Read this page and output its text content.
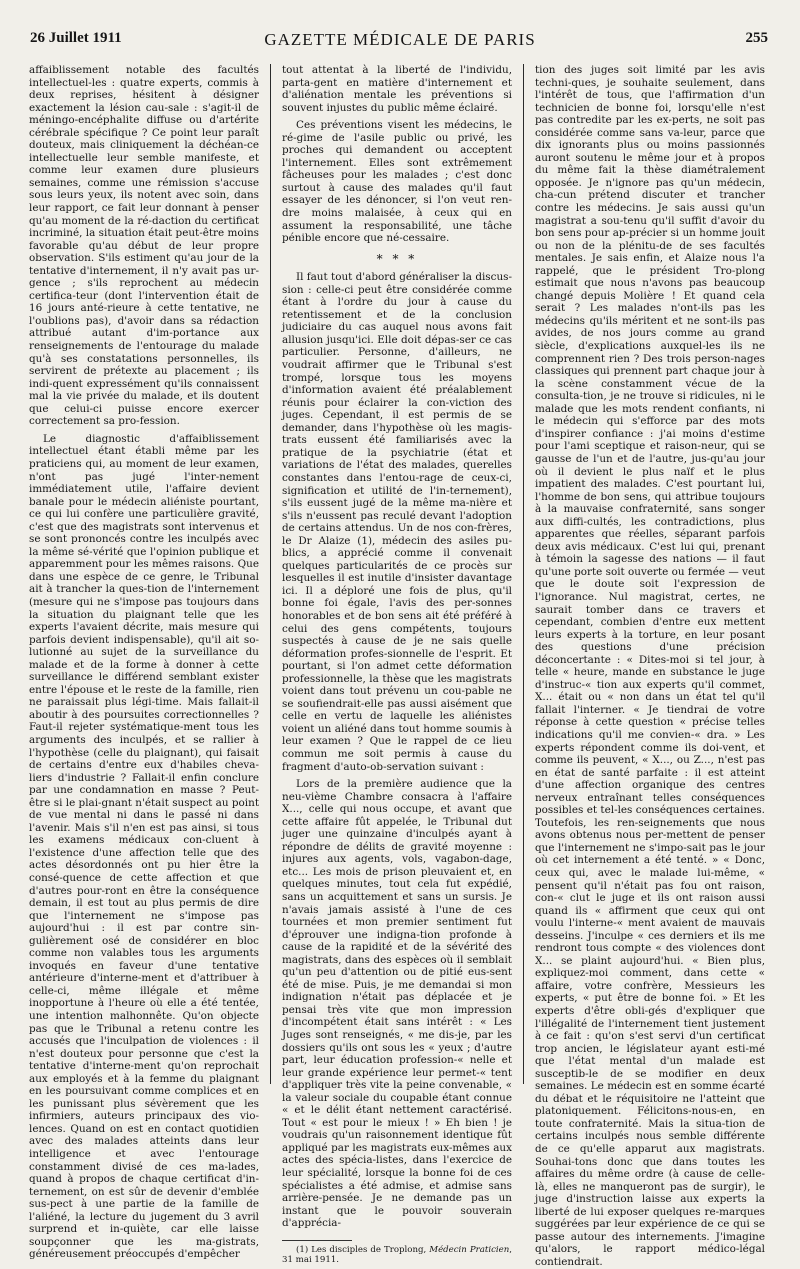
26 Juillet 1911	GAZETTE MÉDICALE DE PARIS	255

affaiblissement notable des facultés intellectuel-les : quatre experts, commis à deux reprises, hésitent à désigner exactement la lésion cau-sale : s'agit-il de méningo-encéphalite diffuse ou d'artérite cérébrale spécifique ? Ce point leur paraît douteux, mais cliniquement la déchéan-ce intellectuelle leur semble manifeste, et comme leur examen dure plusieurs semaines, comme une rémission s'accuse sous leurs yeux, ils notent avec soin, dans leur rapport, ce fait leur donnant à penser qu'au moment de la ré-daction du certificat incriminé, la situation était peut-être moins favorable qu'au début de leur propre observation. S'ils estiment qu'au jour de la tentative d'internement, il n'y avait pas ur-gence ; s'ils reprochent au médecin certifica-teur (dont l'intervention était de 16 jours anté-rieure à cette tentative, ne l'oublions pas), d'avoir dans sa rédaction attribué autant d'im-portance aux renseignements de l'entourage du malade qu'à ses constatations personnelles, ils servirent de prétexte au placement ; ils indi-quent expressément qu'ils connaissent mal la vie privée du malade, et ils doutent que celui-ci puisse encore exercer correctement sa pro-fession.

Le diagnostic d'affaiblissement intellectuel étant établi même par les praticiens qui, au moment de leur examen, n'ont pas jugé l'inter-nement immédiatement utile, l'affaire devient banale pour le médecin aliéniste pourtant, ce qui lui confère une particulière gravité, c'est que des magistrats sont intervenus et se sont prononcés contre les inculpés avec la même sé-vérité que l'opinion publique et apparemment pour les mêmes raisons. Que dans une espèce de ce genre, le Tribunal ait à trancher la ques-tion de l'internement (mesure qui ne s'impose pas toujours dans la situation du plaignant telle que les experts l'avaient décrite, mais mesure qui parfois devient indispensable), qu'il ait so-lutionné au sujet de la surveillance du malade et de la forme à donner à cette surveillance le différend semblant exister entre l'épouse et le reste de la famille, rien ne paraissait plus légi-time. Mais fallait-il aboutir à des poursuites correctionnelles ? Faut-il rejeter systématique-ment tous les arguments des inculpés, et se rallier à l'hypothèse (celle du plaignant), qui faisait de certains d'entre eux d'habiles cheva-liers d'industrie ? Fallait-il enfin conclure par une condamnation en masse ? Peut-être si le plai-gnant n'était suspect au point de vue mental ni dans le passé ni dans l'avenir. Mais s'il n'en est pas ainsi, si tous les examens médicaux con-cluent à l'existence d'une affection telle que des actes désordonnés ont pu hier être la consé-quence de cette affection et que d'autres pour-ront en être la conséquence demain, il est tout au plus permis de dire que l'internement ne s'impose pas aujourd'hui : il est par contre sin-gulièrement osé de considérer en bloc comme non valables tous les arguments invoqués en faveur d'une tentative antérieure d'interne-ment et d'attribuer à celle-ci, même illégale et même inopportune à l'heure où elle a été tentée, une intention malhonnête. Qu'on objecte pas que le Tribunal a retenu contre les accusés que l'inculpation de violences : il n'est douteux pour personne que c'est la tentative d'interne-ment qu'on reprochait aux employés et à la femme du plaignant en les poursuivant comme complices et en les punissant plus sévèrement que les infirmiers, auteurs principaux des vio-lences. Quand on est en contact quotidien avec des malades atteints dans leur intelligence et avec l'entourage constamment divisé de ces ma-lades, quand à propos de chaque certificat d'in-ternement, on est sûr de devenir d'emblée sus-pect à une partie de la famille de l'aliéné, la lecture du jugement du 3 avril surprend et in-quiète, car elle laisse soupçonner que les ma-gistrats, généreusement préoccupés d'empêcher

tout attentat à la liberté de l'individu, parta-gent en matière d'internement et d'aliénation mentale les préventions si souvent injustes du public même éclairé.

Ces préventions visent les médecins, le ré-gime de l'asile public ou privé, les proches qui demandent ou acceptent l'internement. Elles sont extrêmement fâcheuses pour les malades ; c'est donc surtout à cause des malades qu'il faut essayer de les dénoncer, si l'on veut ren-dre moins malaisée, à ceux qui en assument la responsabilité, une tâche pénible encore que né-cessaire.

* * *

Il faut tout d'abord généraliser la discus-sion : celle-ci peut être considérée comme étant à l'ordre du jour à cause du retentissement et de la conclusion judiciaire du cas auquel nous avons fait allusion jusqu'ici. Elle doit dépas-ser ce cas particulier. Personne, d'ailleurs, ne voudrait affirmer que le Tribunal s'est trompé, lorsque tous les moyens d'information avaient été préalablement réunis pour éclairer la con-viction des juges. Cependant, il est permis de se demander, dans l'hypothèse où les magis-trats eussent été familiarisés avec la pratique de la psychiatrie (état et variations de l'état des malades, querelles constantes dans l'entou-rage de ceux-ci, signification et utilité de l'in-ternement), s'ils eussent jugé de la même ma-nière et s'ils n'eussent pas reculé devant l'adoption de certains attendus. Un de nos con-frères, le Dr Alaize (1), médecin des asiles pu-blics, a apprécié comme il convenait quelques particularités de ce procès sur lesquelles il est inutile d'insister davantage ici. Il a déploré une fois de plus, qu'il bonne foi égale, l'avis des per-sonnes honorables et de bon sens ait été préféré à celui des gens compétents, toujours suspectés à cause de je ne sais quelle déformation profes-sionnelle de l'esprit. Et pourtant, si l'on admet cette déformation professionnelle, la thèse que les magistrats voient dans tout prévenu un cou-pable ne se soufiendrait-elle pas aussi aisément que celle en vertu de laquelle les aliénistes voient un aliéné dans tout homme soumis à leur examen ? Que le rappel de ce lieu commun me soit permis à cause du fragment d'auto-ob-servation suivant :

Lors de la première audience que la neu-vième Chambre consacra à l'affaire X..., celle qui nous occupe, et avant que cette affaire fût appelée, le Tribunal dut juger une quinzaine d'inculpés ayant à répondre de délits de gravité moyenne : injures aux agents, vols, vagabon-dage, etc... Les mois de prison pleuvaient et, en quelques minutes, tout cela fut expédié, sans un acquittement et sans un sursis. Je n'avais jamais assisté à l'une de ces tournées et mon premier sentiment fut d'éprouver une indigna-tion profonde à cause de la rapidité et de la sévérité des magistrats, dans des espèces où il semblait qu'un peu d'attention ou de pitié eus-sent été de mise. Puis, je me demandai si mon indignation n'était pas déplacée et je pensai très vite que mon impression d'incompétent était sans intérêt : « Les Juges sont renseignés, « me dis-je, par les dossiers qu'ils ont sous les « yeux ; d'autre part, leur éducation profession-« nelle et leur grande expérience leur permet-« tent d'appliquer très vite la peine convenable, « la valeur sociale du coupable étant connue « et le délit étant nettement caractérisé. Tout « est pour le mieux ! » Eh bien ! je voudrais qu'un raisonnement identique fût appliqué par les magistrats eux-mêmes aux actes des spécia-listes, dans l'exercice de leur spécialité, lorsque la bonne foi de ces spécialistes a été admise, et admise sans arrière-pensée. Je ne demande pas un instant que le pouvoir souverain d'apprécia-

(1) Les disciples de Troplong, Médecin Praticien, 31 mai 1911.

tion des juges soit limité par les avis techni-ques, je souhaite seulement, dans l'intérêt de tous, que l'affirmation d'un technicien de bonne foi, lorsqu'elle n'est pas contredite par les ex-perts, ne soit pas considérée comme sans va-leur, parce que dix ignorants plus ou moins passionnés auront soutenu le même jour et à propos du même fait la thèse diamétralement opposée. Je n'ignore pas qu'un médecin, cha-cun prétend discuter et trancher contre les médecins. Je sais aussi qu'un magistrat a sou-tenu qu'il suffit d'avoir du bon sens pour ap-précier si un homme jouit ou non de la plénitu-de de ses facultés mentales. Je sais enfin, et Alaize nous l'a rappelé, que le président Tro-plong estimait que nous n'avons pas beaucoup changé depuis Molière ! Et quand cela serait ? Les malades n'ont-ils pas les médecins qu'ils méritent et ne sont-ils pas avides, de nos jours comme au grand siècle, d'explications auxquel-les ils ne comprennent rien ? Des trois person-nages classiques qui prennent part chaque jour à la scène constamment vécue de la consulta-tion, je ne trouve si ridicules, ni le malade que les mots rendent confiants, ni le médecin qui s'efforce par des mots d'inspirer confiance : j'ai moins d'estime pour l'ami sceptique et raison-neur, qui se gausse de l'un et de l'autre, jus-qu'au jour où il devient le plus naïf et le plus impatient des malades. C'est pourtant lui, l'homme de bon sens, qui attribue toujours à la mauvaise confraternité, sans songer aux diffi-cultés, les contradictions, plus apparentes que réelles, séparant parfois deux avis médicaux. C'est lui qui, prenant à témoin la sagesse des nations — il faut qu'une porte soit ouverte ou fermée — veut que le doute soit l'expression de l'ignorance. Nul magistrat, certes, ne saurait tomber dans ce travers et cependant, combien d'entre eux mettent leurs experts à la torture, en leur posant des questions d'une précision déconcertante : « Dites-moi si tel jour, à telle « heure, mande en substance le juge d'instruc-« tion aux experts qu'il commet, X... était ou « non dans un état tel qu'il fallait l'interner. « Je tiendrai de votre réponse à cette question « précise telles indications qu'il me convien-« dra. » Les experts répondent comme ils doi-vent, et comme ils peuvent, « X..., ou Z..., n'est pas en état de santé parfaite : il est atteint d'une affection organique des centres nerveux entraînant telles conséquences possibles et tel-les conséquences certaines. Toutefois, les ren-seignements que nous avons obtenus nous per-mettent de penser que l'internement ne s'impo-sait pas le jour où cet internement a été tenté. » « Donc, ceux qui, avec le malade lui-même, « pensent qu'il n'était pas fou ont raison, con-« clut le juge et ils ont raison aussi quand ils « affirment que ceux qui ont voulu l'interne-« ment avaient de mauvais desseins. J'inculpe « ces derniers et ils me rendront tous compte « des violences dont X... se plaint aujourd'hui. « Bien plus, expliquez-moi comment, dans cette « affaire, votre confrère, Messieurs les experts, « put être de bonne foi. » Et les experts d'être obli-gés d'expliquer que l'illégalité de l'internement tient justement à ce fait : qu'on s'est servi d'un certificat trop ancien, le législateur ayant esti-mé que l'état mental d'un malade est susceptib-le de se modifier en deux semaines. Le médecin est en somme écarté du débat et le réquisitoire ne l'atteint que platoniquement. Félicitons-nous-en, en toute confraternité. Mais la situa-tion de certains inculpés nous semble différente de ce qu'elle apparut aux magistrats. Souhai-tons donc que dans toutes les affaires du même ordre (à cause de celle-là, elles ne manqueront pas de surgir), le juge d'instruction laisse aux experts la liberté de lui exposer quelques re-marques suggérées par leur expérience de ce qui se passe autour des internements. J'imagine qu'alors, le rapport médico-légal contiendrait.
